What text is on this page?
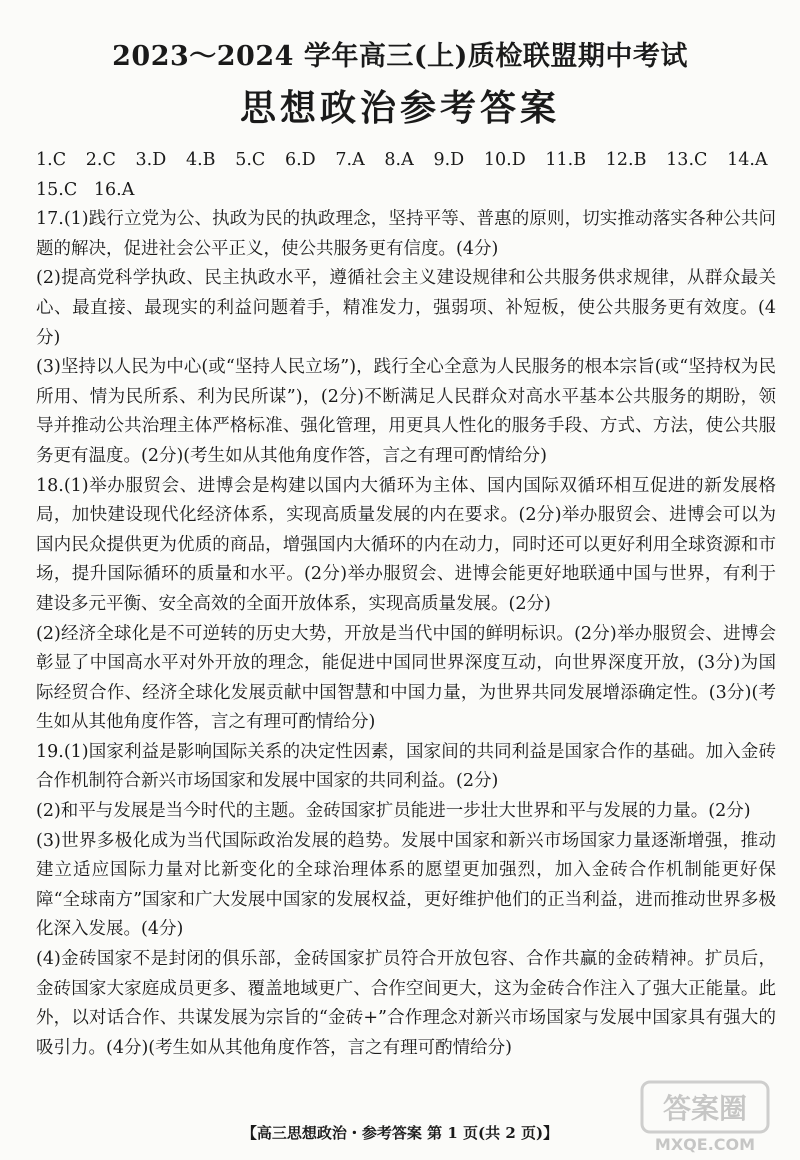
2023～2024 学年高三(上)质检联盟期中考试
思想政治参考答案

1.C   2.C   3.D   4.B   5.C   6.D   7.A   8.A   9.D   10.D   11.B   12.B   13.C   14.A

15.C   16.A

17.(1)践行立党为公、执政为民的执政理念，坚持平等、普惠的原则，切实推动落实各种公共问题的解决，促进社会公平正义，使公共服务更有信度。(4分)

(2)提高党科学执政、民主执政水平，遵循社会主义建设规律和公共服务供求规律，从群众最关心、最直接、最现实的利益问题着手，精准发力，强弱项、补短板，使公共服务更有效度。(4分)

(3)坚持以人民为中心(或“坚持人民立场”)，践行全心全意为人民服务的根本宗旨(或“坚持权为民所用、情为民所系、利为民所谋”)，(2分)不断满足人民群众对高水平基本公共服务的期盼，领导并推动公共治理主体严格标准、强化管理，用更具人性化的服务手段、方式、方法，使公共服务更有温度。(2分)(考生如从其他角度作答，言之有理可酌情给分)

18.(1)举办服贸会、进博会是构建以国内大循环为主体、国内国际双循环相互促进的新发展格局，加快建设现代化经济体系，实现高质量发展的内在要求。(2分)举办服贸会、进博会可以为国内民众提供更为优质的商品，增强国内大循环的内在动力，同时还可以更好利用全球资源和市场，提升国际循环的质量和水平。(2分)举办服贸会、进博会能更好地联通中国与世界，有利于建设多元平衡、安全高效的全面开放体系，实现高质量发展。(2分)

(2)经济全球化是不可逆转的历史大势，开放是当代中国的鲜明标识。(2分)举办服贸会、进博会彰显了中国高水平对外开放的理念，能促进中国同世界深度互动，向世界深度开放，(3分)为国际经贸合作、经济全球化发展贡献中国智慧和中国力量，为世界共同发展增添确定性。(3分)(考生如从其他角度作答，言之有理可酌情给分)

19.(1)国家利益是影响国际关系的决定性因素，国家间的共同利益是国家合作的基础。加入金砖合作机制符合新兴市场国家和发展中国家的共同利益。(2分)

(2)和平与发展是当今时代的主题。金砖国家扩员能进一步壮大世界和平与发展的力量。(2分)

(3)世界多极化成为当代国际政治发展的趋势。发展中国家和新兴市场国家力量逐渐增强，推动建立适应国际力量对比新变化的全球治理体系的愿望更加强烈，加入金砖合作机制能更好保障“全球南方”国家和广大发展中国家的发展权益，更好维护他们的正当利益，进而推动世界多极化深入发展。(4分)

(4)金砖国家不是封闭的俱乐部，金砖国家扩员符合开放包容、合作共赢的金砖精神。扩员后，金砖国家大家庭成员更多、覆盖地域更广、合作空间更大，这为金砖合作注入了强大正能量。此外，以对话合作、共谋发展为宗旨的“金砖+”合作理念对新兴市场国家与发展中国家具有强大的吸引力。(4分)(考生如从其他角度作答，言之有理可酌情给分)

【高三思想政治・参考答案 第 1 页(共 2 页)】
答案圈
MXQE.COM
